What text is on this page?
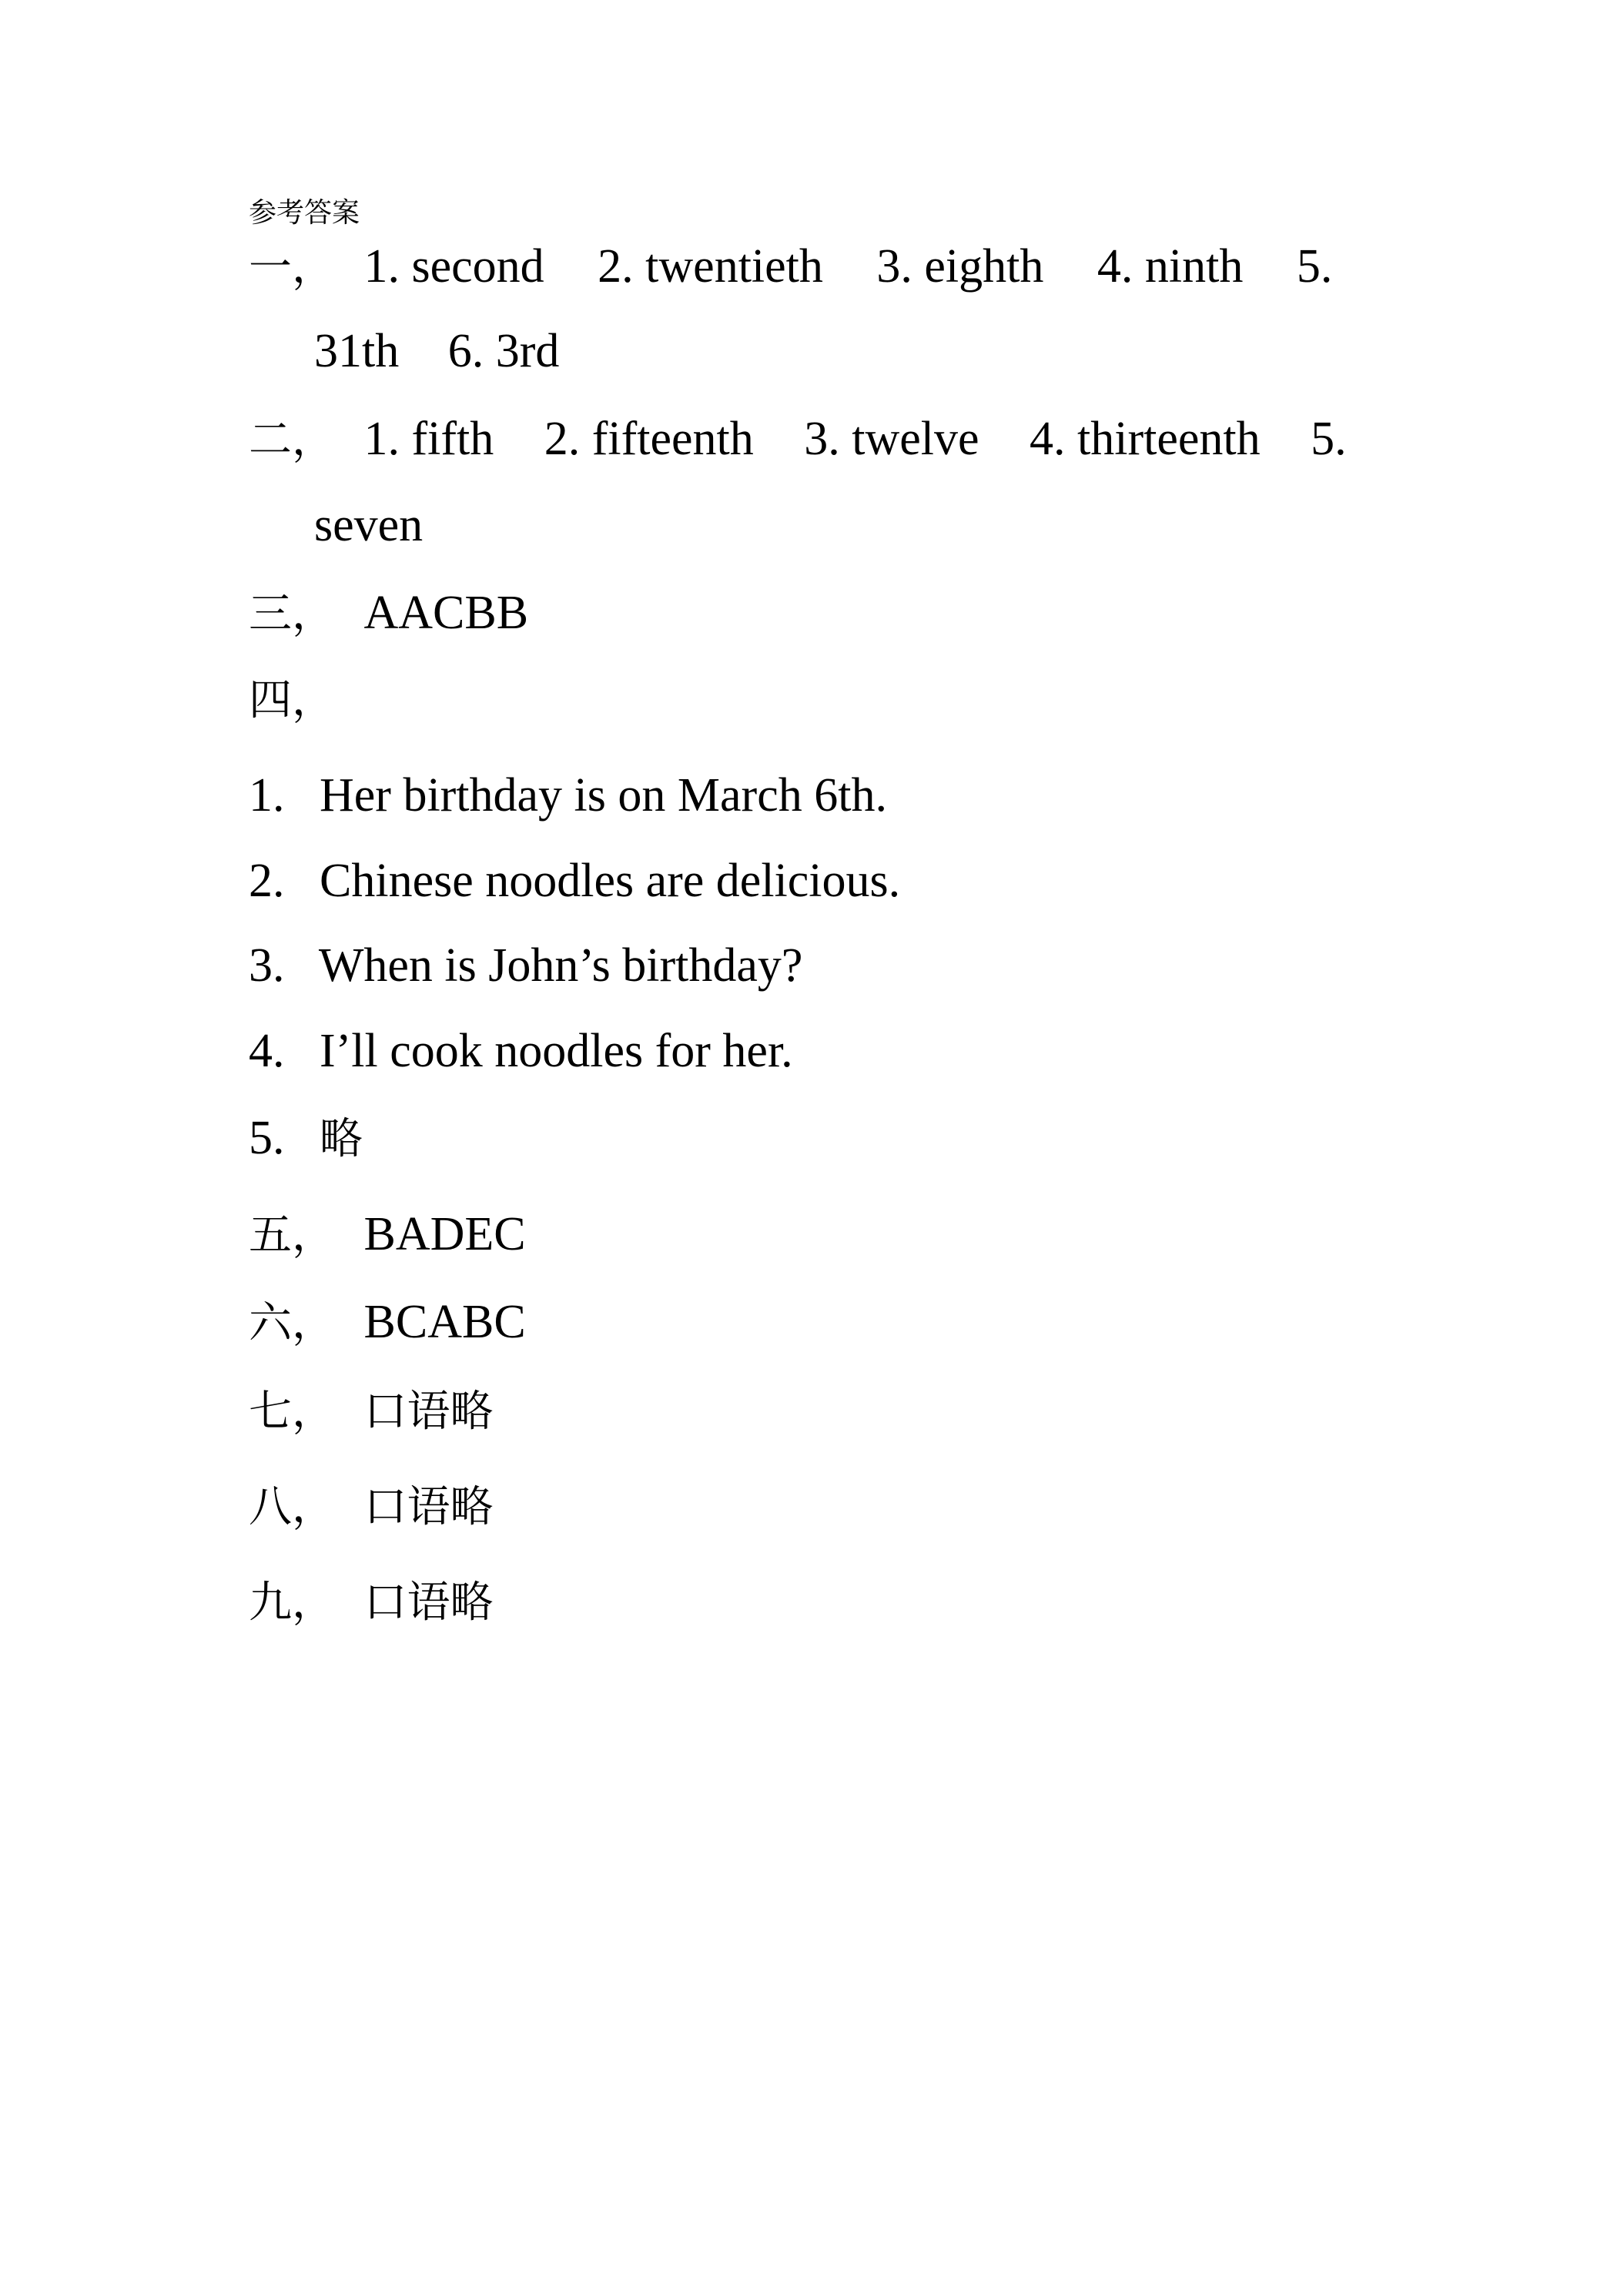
参考答案
一， 1. second 2. twentieth 3. eighth 4. ninth 5.
31th 6. 3rd
二， 1. fifth 2. fifteenth 3. twelve 4. thirteenth 5.
seven
三， AACBB
四，
1. Her birthday is on March 6th.
2. Chinese noodles are delicious.
3. When is John’s birthday?
4. I’ll cook noodles for her.
5. 略
五， BADEC
六， BCABC
七， 口语略
八， 口语略
九， 口语略
